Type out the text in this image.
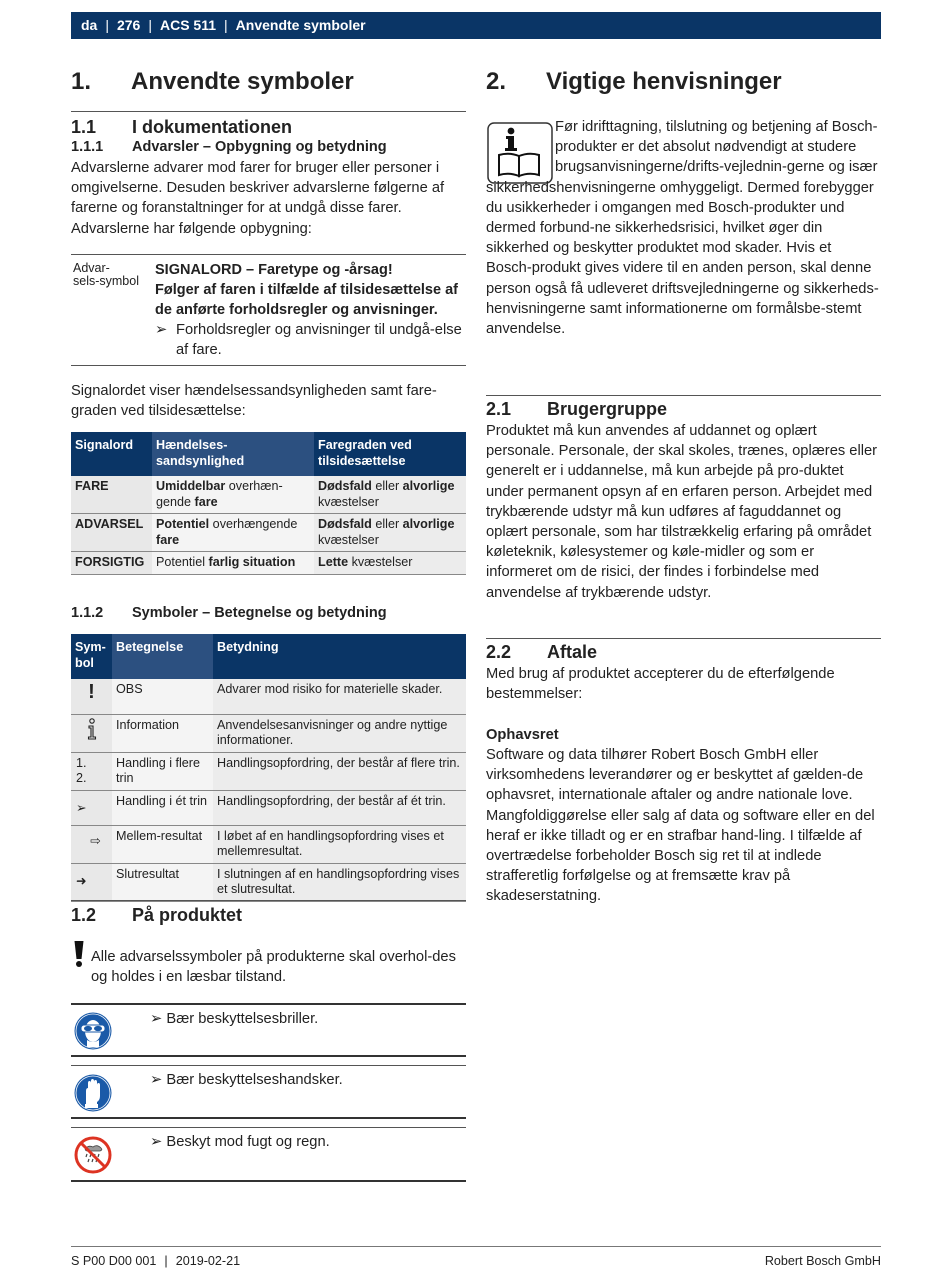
da | 276 | ACS 511 | Anvendte symboler
1. Anvendte symboler
1.1 I dokumentationen
1.1.1 Advarsler – Opbygning og betydning

Advarslerne advarer mod farer for bruger eller personer i omgivelserne. Desuden beskriver advarslerne følgerne af farerne og foranstaltninger for at undgå disse farer. Advarslerne har følgende opbygning:

Advar-
sels-symbol
SIGNALORD – Faretype og -årsag!
Følger af faren i tilfælde af tilsidesættelse af de anførte forholdsregler og anvisninger.
➢ Forholdsregler og anvisninger til undgå-else af fare.

Signalordet viser hændelsessandsynligheden samt fare-graden ved tilsidesættelse:

Signalord	Hændelses-sandsynlighed	Faregraden ved tilsidesættelse
FARE	Umiddelbar overhæn-gende fare	Dødsfald eller alvorlige kvæstelser
ADVARSEL	Potentiel overhængende fare	Dødsfald eller alvorlige kvæstelser
FORSIGTIG	Potentiel farlig situation	Lette kvæstelser
1.1.2 Symboler – Betegnelse og betydning
Sym-bol	Betegnelse	Betydning

!	OBS	Advarer mod risiko for materielle skader.

	Information	Anvendelsesanvisninger og andre nyttige informationer.
1.
2.	Handling i flere trin	Handlingsopfordring, der består af flere trin.
➢	Handling i ét trin	Handlingsopfordring, der består af ét trin.
⇨	Mellem-resultat	I løbet af en handlingsopfordring vises et mellemresultat.
➜	Slutresultat	I slutningen af en handlingsopfordring vises et slutresultat.
1.2 På produktet

Alle advarselssymboler på produkterne skal overhol-des og holdes i en læsbar tilstand.

➢ Bær beskyttelsesbriller.
➢ Bær beskyttelseshandsker.
➢ Beskyt mod fugt og regn.
2. Vigtige henvisninger

Før idrifttagning, tilslutning og betjening af Bosch-produkter er det absolut nødvendigt at studere brugsanvisningerne/drifts-vejlednin-gerne og især sikkerhedshenvisningerne omhyggeligt. Dermed forebygger du usikkerheder i omgangen med Bosch-produkter und dermed forbund-ne sikkerhedsrisici, hvilket øger din sikkerhed og beskytter produktet mod skader. Hvis et Bosch-produkt gives videre til en anden person, skal denne person også få udleveret driftsvejledningerne og sikkerheds-henvisningerne samt informationerne om formålsbe-stemt anvendelse.

2.1 Brugergruppe

Produktet må kun anvendes af uddannet og oplært personale. Personale, der skal skoles, trænes, oplæres eller generelt er i uddannelse, må kun arbejde på pro-duktet under permanent opsyn af en erfaren person. Arbejdet med trykbærende udstyr må kun udføres af faguddannet og oplært personale, som har tilstrækkelig erfaring på området køleteknik, kølesystemer og køle-midler og som er informeret om de risici, der findes i forbindelse med anvendelse af trykbærende udstyr.

2.2 Aftale

Med brug af produktet accepterer du de efterfølgende bestemmelser:

Ophavsret

Software og data tilhører Robert Bosch GmbH eller virksomhedens leverandører og er beskyttet af gælden-de ophavsret, internationale aftaler og andre nationale love. Mangfoldiggørelse eller salg af data og software eller en del heraf er ikke tilladt og er en strafbar hand-ling. I tilfælde af overtrædelse forbeholder Bosch sig ret til at indlede strafferetlig forfølgelse og at fremsætte krav på skadeserstatning.

S P00 D00 001 | 2019-02-21	Robert Bosch GmbH
